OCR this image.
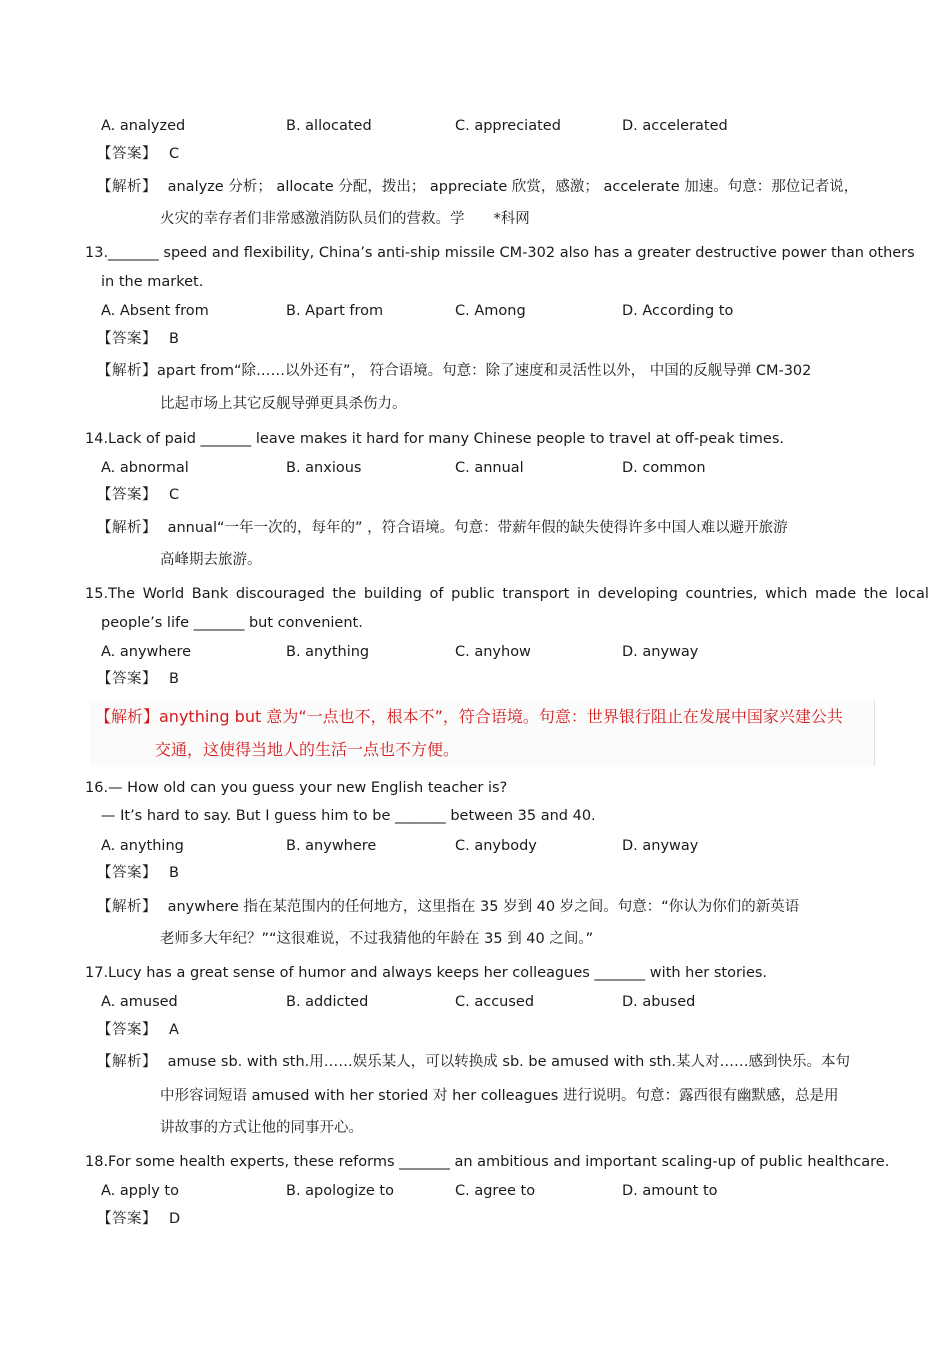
A. analyzed	B. allocated	C. appreciated	D. accelerated
【答案】 C
【解析】 analyze 分析； allocate 分配，拨出； appreciate 欣赏，感激； accelerate 加速。句意：那位记者说，
火灾的幸存者们非常感激消防队员们的营救。学　　*科网
13._______ speed and flexibility, China’s anti-ship missile CM-302 also has a greater destructive power than others
in the market.
A. Absent from	B. Apart from	C. Among	D. According to
【答案】 B
【解析】apart from“除……以外还有”， 符合语境。句意：除了速度和灵活性以外， 中国的反舰导弹 CM-302
比起市场上其它反舰导弹更具杀伤力。
14.Lack of paid _______ leave makes it hard for many Chinese people to travel at off-peak times.
A. abnormal	B. anxious	C. annual	D. common
【答案】 C
【解析】 annual“一年一次的，每年的” ，符合语境。句意：带薪年假的缺失使得许多中国人难以避开旅游
高峰期去旅游。
15.The World Bank discouraged the building of public transport in developing countries, which made the local
people’s life _______ but convenient.
A. anywhere	B. anything	C. anyhow	D. anyway
【答案】 B
【解析】anything but 意为“一点也不，根本不”，符合语境。句意：世界银行阻止在发展中国家兴建公共
交通，这使得当地人的生活一点也不方便。
16.— How old can you guess your new English teacher is?
— It’s hard to say. But I guess him to be _______ between 35 and 40.
A. anything	B. anywhere	C. anybody	D. anyway
【答案】 B
【解析】 anywhere 指在某范围内的任何地方，这里指在 35 岁到 40 岁之间。句意：“你认为你们的新英语
老师多大年纪？”“这很难说，不过我猜他的年龄在 35 到 40 之间。”
17.Lucy has a great sense of humor and always keeps her colleagues _______ with her stories.
A. amused	B. addicted	C. accused	D. abused
【答案】 A
【解析】 amuse sb. with sth.用……娱乐某人，可以转换成 sb. be amused with sth.某人对……感到快乐。本句
中形容词短语 amused with her storied 对 her colleagues 进行说明。句意：露西很有幽默感，总是用
讲故事的方式让他的同事开心。
18.For some health experts, these reforms _______ an ambitious and important scaling-up of public healthcare.
A. apply to	B. apologize to	C. agree to	D. amount to
【答案】 D
